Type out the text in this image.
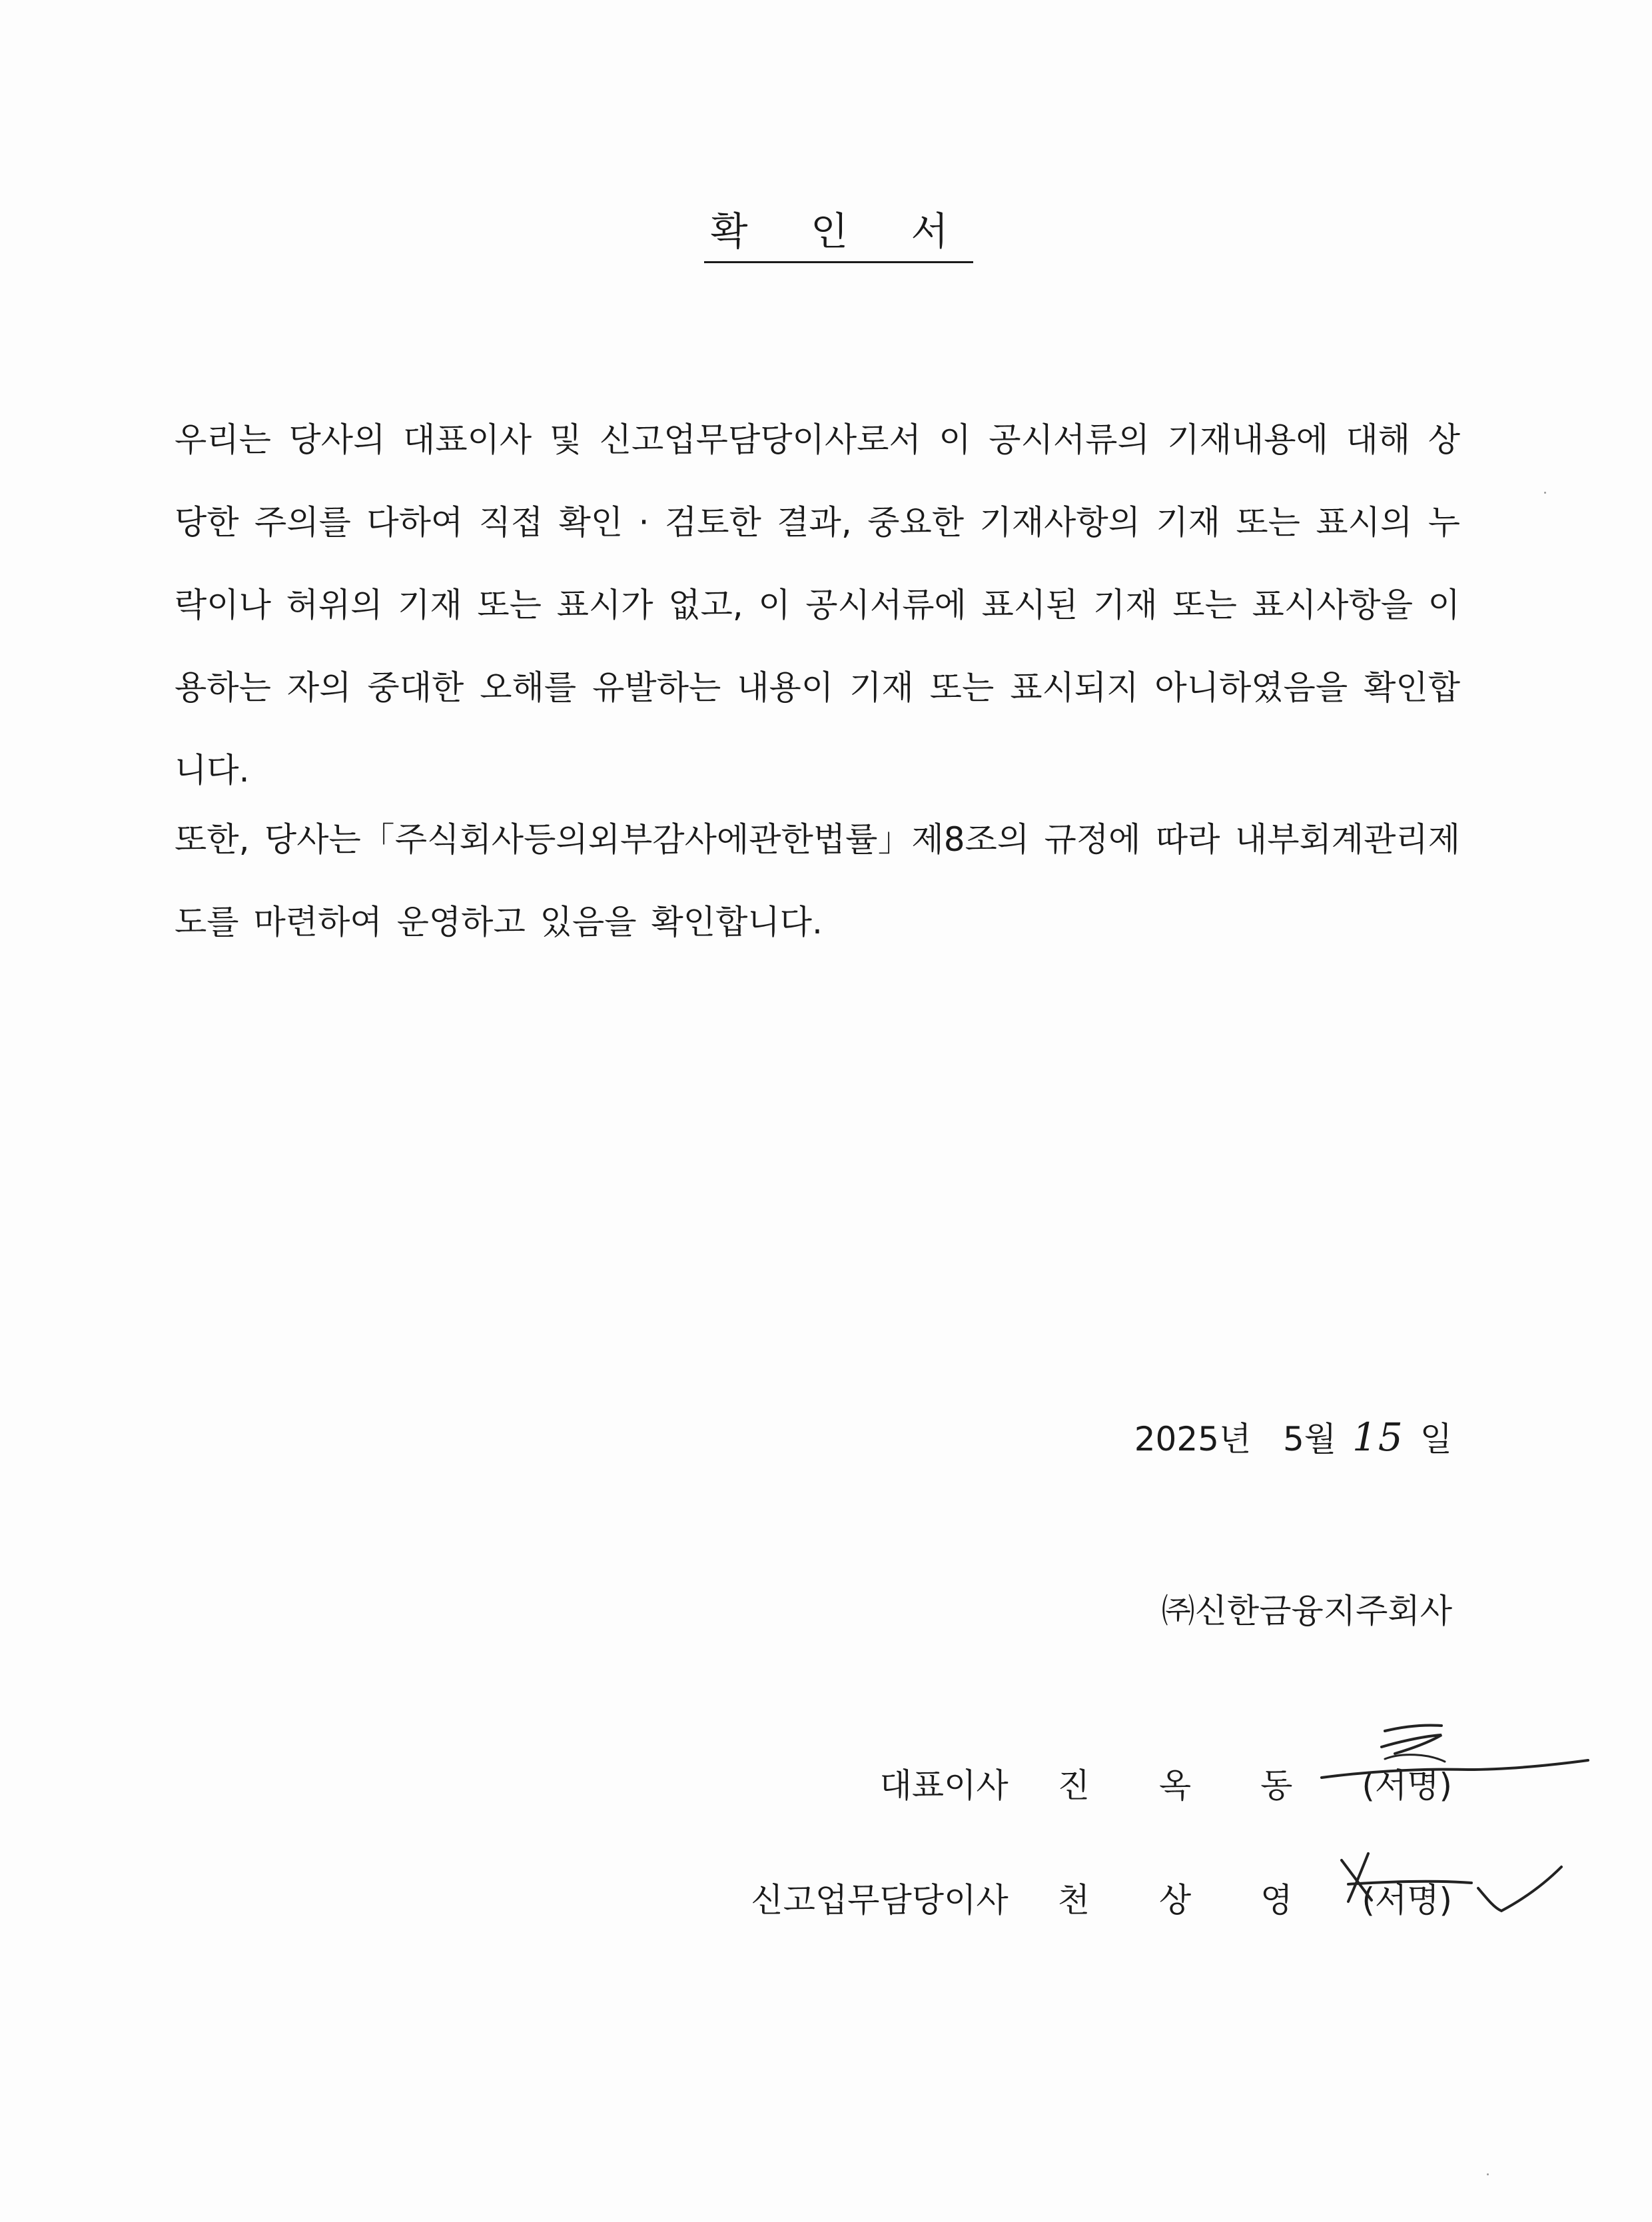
확 인 서
우리는 당사의 대표이사 및 신고업무담당이사로서 이 공시서류의 기재내용에 대해 상당한 주의를 다하여 직접 확인 · 검토한 결과, 중요한 기재사항의 기재 또는 표시의 누락이나 허위의 기재 또는 표시가 없고, 이 공시서류에 표시된 기재 또는 표시사항을 이용하는 자의 중대한 오해를 유발하는 내용이 기재 또는 표시되지 아니하였음을 확인합니다.
또한, 당사는「주식회사등의외부감사에관한법률」제8조의 규정에 따라 내부회계관리제도를 마련하여 운영하고 있음을 확인합니다.
2025년 5월 15 일
㈜신한금융지주회사
대표이사 진 옥 동 (서명)
신고업무담당이사 천 상 영 (서명)
